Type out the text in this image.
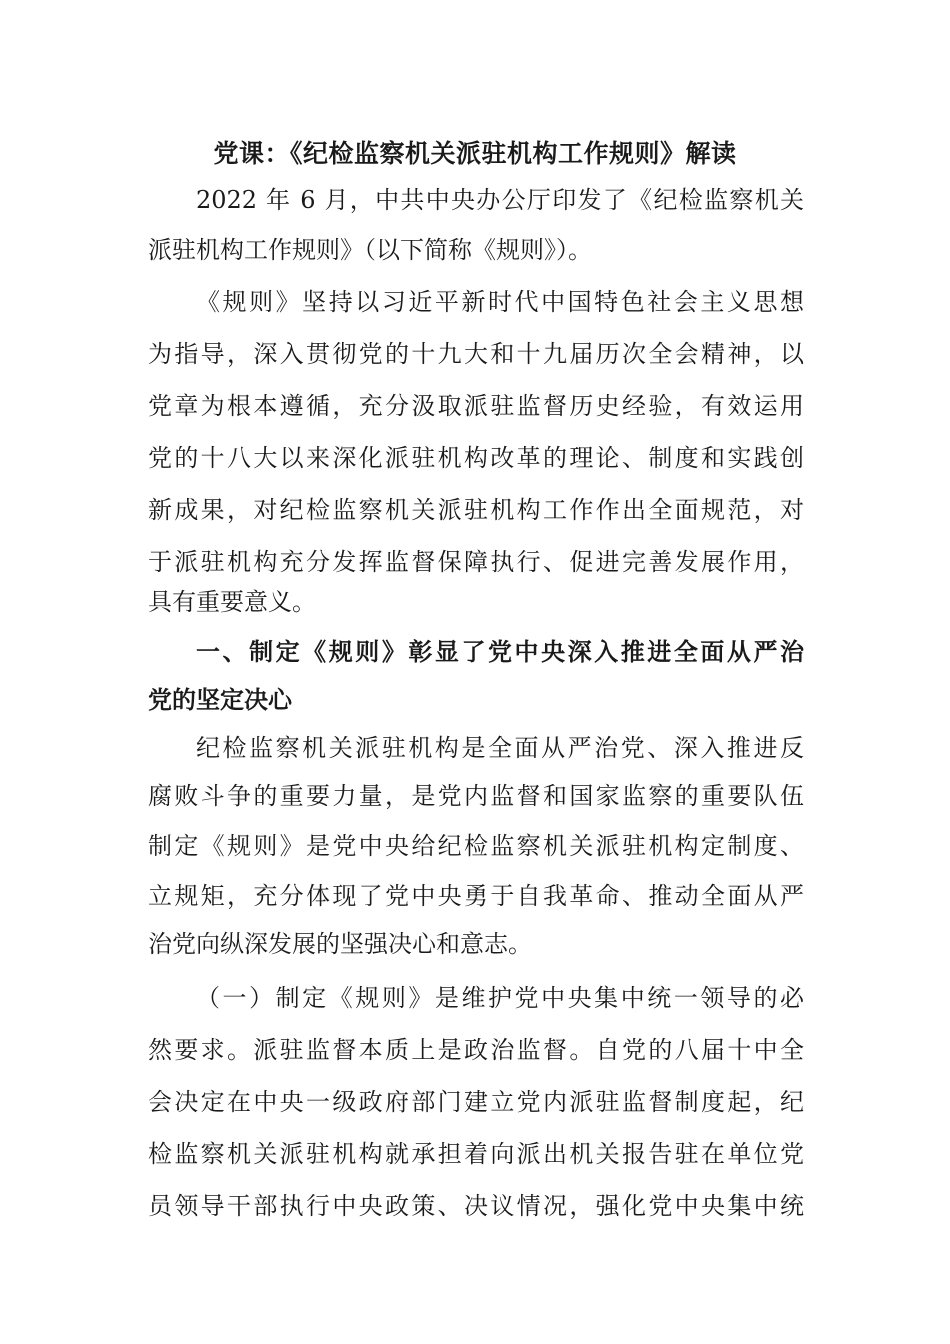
党课：《纪检监察机关派驻机构工作规则》解读
2022 年 6 月，中共中央办公厅印发了《纪检监察机关
派驻机构工作规则》（以下简称《规则》）。
《规则》坚持以习近平新时代中国特色社会主义思想
为指导，深入贯彻党的十九大和十九届历次全会精神，以
党章为根本遵循，充分汲取派驻监督历史经验，有效运用
党的十八大以来深化派驻机构改革的理论、制度和实践创
新成果，对纪检监察机关派驻机构工作作出全面规范，对
于派驻机构充分发挥监督保障执行、促进完善发展作用，
具有重要意义。
一、制定《规则》彰显了党中央深入推进全面从严治
党的坚定决心
纪检监察机关派驻机构是全面从严治党、深入推进反
腐败斗争的重要力量，是党内监督和国家监察的重要队伍
制定《规则》是党中央给纪检监察机关派驻机构定制度、
立规矩，充分体现了党中央勇于自我革命、推动全面从严
治党向纵深发展的坚强决心和意志。
（一）制定《规则》是维护党中央集中统一领导的必
然要求。派驻监督本质上是政治监督。自党的八届十中全
会决定在中央一级政府部门建立党内派驻监督制度起，纪
检监察机关派驻机构就承担着向派出机关报告驻在单位党
员领导干部执行中央政策、决议情况，强化党中央集中统
